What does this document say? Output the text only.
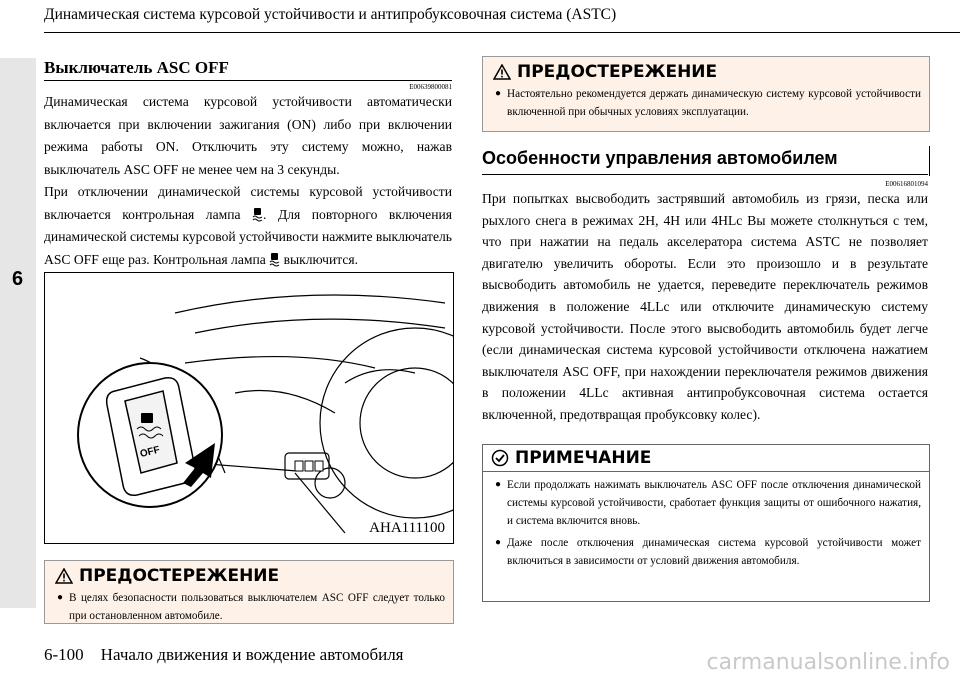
6
Динамическая система курсовой устойчивости и антипробуксовочная система (ASTC)
Выключатель ASC OFF
E00639800081

Динамическая система курсовой устойчивости автоматически включается при включении зажигания (ON) либо при включении режима работы ON. Отключить эту систему можно, нажав выключатель ASC OFF не менее чем на 3 секунды.

При отключении динамической системы курсовой устойчивости включается контрольная лампа . Для повторного включения динамической системы курсовой устойчивости нажмите выключатель ASC OFF еще раз. Контрольная лампа выключится.

OFF
AHA111100
ПРЕДОСТЕРЕЖЕНИЕ
● В целях безопасности пользоваться выключателем ASC OFF следует только при остановленном автомобиле.
ПРЕДОСТЕРЕЖЕНИЕ
● Настоятельно рекомендуется держать динамическую систему курсовой устойчивости включенной при обычных условиях эксплуатации.
Особенности управления автомобилем
E00616801094
При попытках высвободить застрявший автомобиль из грязи, песка или рыхлого снега в режимах 2H, 4H или 4HLc Вы можете столкнуться с тем, что при нажатии на педаль акселератора система ASTC не позволяет двигателю увеличить обороты. Если это произошло и в результате высвободить автомобиль не удается, переведите переключатель режимов движения в положение 4LLc или отключите динамическую систему курсовой устойчивости. После этого высвободить автомобиль будет легче (если динамическая система курсовой устойчивости отключена нажатием выключателя ASC OFF, при нахождении переключателя режимов движения в положении 4LLc активная антипробуксовочная система остается включенной, предотвращая пробуксовку колес).
ПРИМЕЧАНИЕ
● Если продолжать нажимать выключатель ASC OFF после отключения динамической системы курсовой устойчивости, сработает функция защиты от ошибочного нажатия, и система включится вновь.
● Даже после отключения динамическая система курсовой устойчивости может включиться в зависимости от условий движения автомобиля.
6-100 Начало движения и вождение автомобиля	carmanualsonline.info
